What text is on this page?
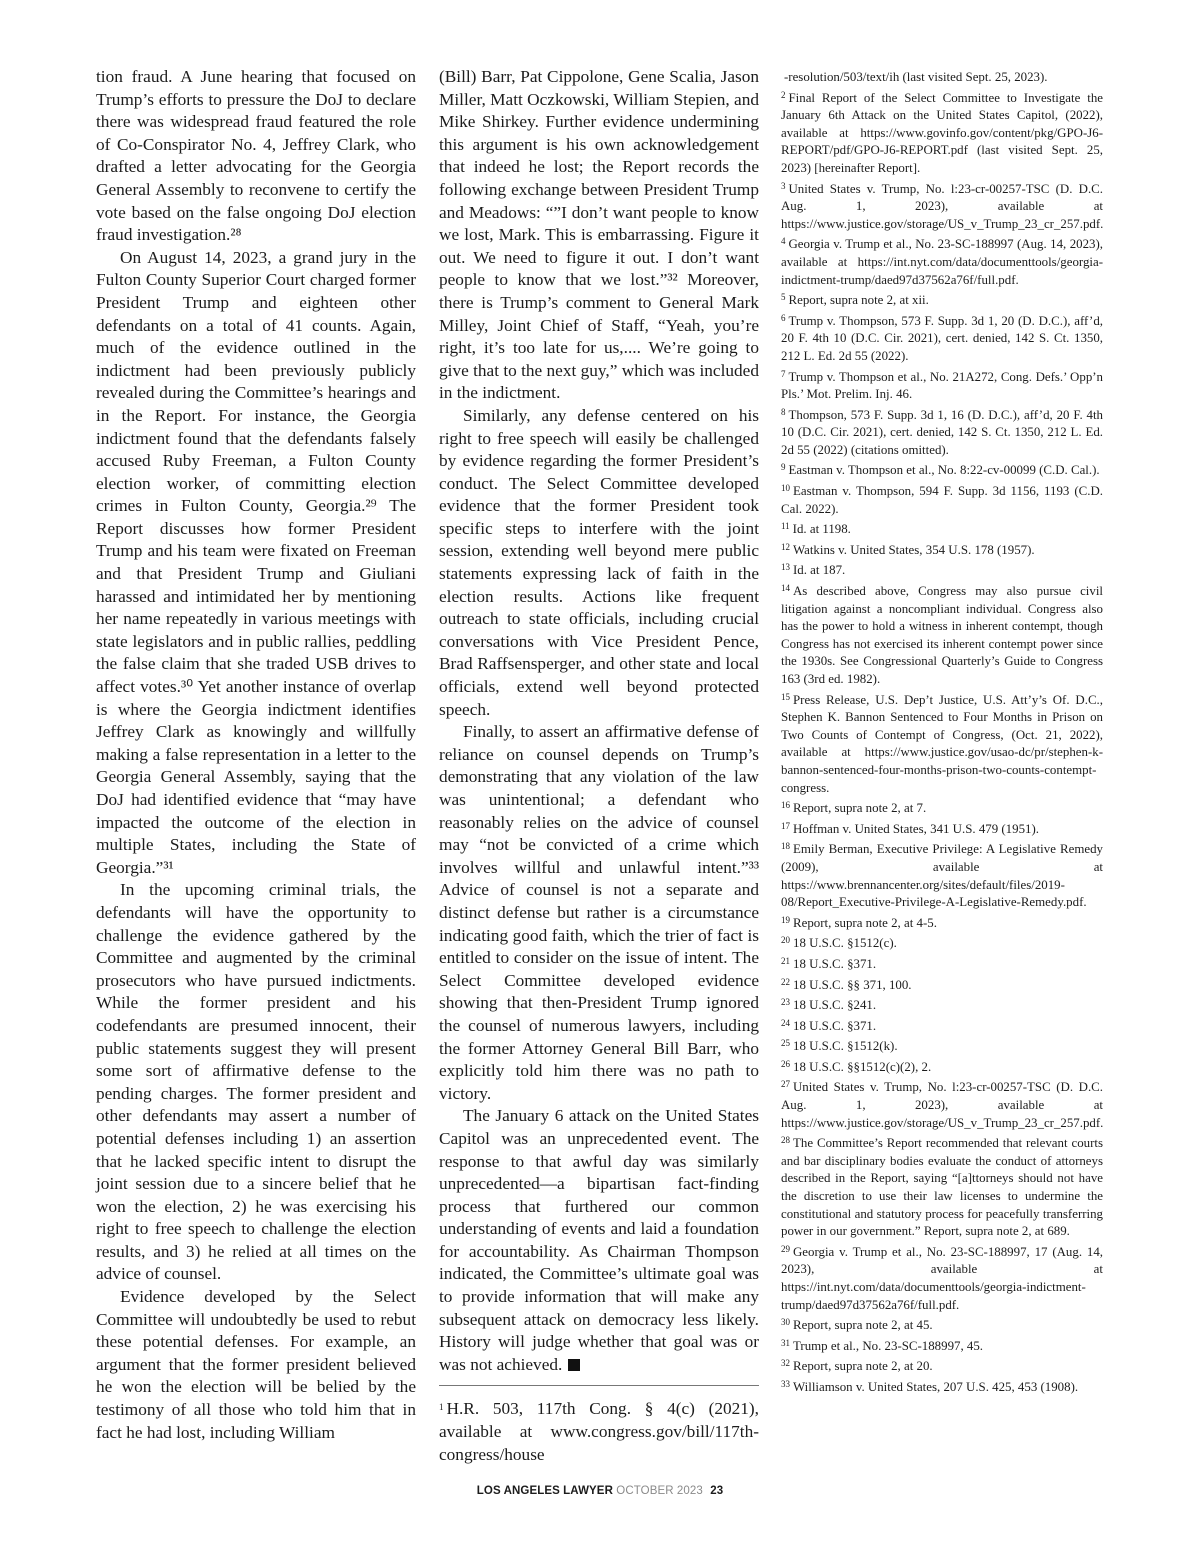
tion fraud. A June hearing that focused on Trump’s efforts to pressure the DoJ to declare there was widespread fraud featured the role of Co-Conspirator No. 4, Jeffrey Clark, who drafted a letter advocating for the Georgia General Assembly to reconvene to certify the vote based on the false ongoing DoJ election fraud investigation.²⁸

On August 14, 2023, a grand jury in the Fulton County Superior Court charged former President Trump and eighteen other defendants on a total of 41 counts. Again, much of the evidence outlined in the indictment had been previously publicly revealed during the Committee’s hearings and in the Report. For instance, the Georgia indictment found that the defendants falsely accused Ruby Freeman, a Fulton County election worker, of committing election crimes in Fulton County, Georgia.²⁹ The Report discusses how former President Trump and his team were fixated on Freeman and that President Trump and Giuliani harassed and intimidated her by mentioning her name repeatedly in various meetings with state legislators and in public rallies, peddling the false claim that she traded USB drives to affect votes.³⁰ Yet another instance of overlap is where the Georgia indictment identifies Jeffrey Clark as knowingly and willfully making a false representation in a letter to the Georgia General Assembly, saying that the DoJ had identified evidence that “may have impacted the outcome of the election in multiple States, including the State of Georgia.”³¹

In the upcoming criminal trials, the defendants will have the opportunity to challenge the evidence gathered by the Committee and augmented by the criminal prosecutors who have pursued indictments. While the former president and his codefendants are presumed innocent, their public statements suggest they will present some sort of affirmative defense to the pending charges. The former president and other defendants may assert a number of potential defenses including 1) an assertion that he lacked specific intent to disrupt the joint session due to a sincere belief that he won the election, 2) he was exercising his right to free speech to challenge the election results, and 3) he relied at all times on the advice of counsel.

Evidence developed by the Select Committee will undoubtedly be used to rebut these potential defenses. For example, an argument that the former president believed he won the election will be belied by the testimony of all those who told him that in fact he had lost, including William

(Bill) Barr, Pat Cippolone, Gene Scalia, Jason Miller, Matt Oczkowski, William Stepien, and Mike Shirkey. Further evidence undermining this argument is his own acknowledgement that indeed he lost; the Report records the following exchange between President Trump and Meadows: “”I don’t want people to know we lost, Mark. This is embarrassing. Figure it out. We need to figure it out. I don’t want people to know that we lost.”³² Moreover, there is Trump’s comment to General Mark Milley, Joint Chief of Staff, “Yeah, you’re right, it’s too late for us,.... We’re going to give that to the next guy,” which was included in the indictment.

Similarly, any defense centered on his right to free speech will easily be challenged by evidence regarding the former President’s conduct. The Select Committee developed evidence that the former President took specific steps to interfere with the joint session, extending well beyond mere public statements expressing lack of faith in the election results. Actions like frequent outreach to state officials, including crucial conversations with Vice President Pence, Brad Raffsensperger, and other state and local officials, extend well beyond protected speech.

Finally, to assert an affirmative defense of reliance on counsel depends on Trump’s demonstrating that any violation of the law was unintentional; a defendant who reasonably relies on the advice of counsel may “not be convicted of a crime which involves willful and unlawful intent.”³³ Advice of counsel is not a separate and distinct defense but rather is a circumstance indicating good faith, which the trier of fact is entitled to consider on the issue of intent. The Select Committee developed evidence showing that then-President Trump ignored the counsel of numerous lawyers, including the former Attorney General Bill Barr, who explicitly told him there was no path to victory.

The January 6 attack on the United States Capitol was an unprecedented event. The response to that awful day was similarly unprecedented—a bipartisan fact-finding process that furthered our common understanding of events and laid a foundation for accountability. As Chairman Thompson indicated, the Committee’s ultimate goal was to provide information that will make any subsequent attack on democracy less likely. History will judge whether that goal was or was not achieved.

$^1$ H.R. 503, 117th Cong. § 4(c) (2021), available at www.congress.gov/bill/117th-congress/house

-resolution/503/text/ih (last visited Sept. 25, 2023).

$^2$ Final Report of the Select Committee to Investigate the January 6th Attack on the United States Capitol, (2022), available at https://www.govinfo.gov/content/pkg/GPO-J6-REPORT/pdf/GPO-J6-REPORT.pdf (last visited Sept. 25, 2023) [hereinafter Report].

$^3$ United States v. Trump, No. l:23-cr-00257-TSC (D. D.C. Aug. 1, 2023), available at https://www.justice.gov/storage/US_v_Trump_23_cr_257.pdf.

$^4$ Georgia v. Trump et al., No. 23-SC-188997 (Aug. 14, 2023), available at https://int.nyt.com/data/documenttools/georgia-indictment-trump/daed97d37562a76f/full.pdf.

$^5$ Report, supra note 2, at xii.

$^6$ Trump v. Thompson, 573 F. Supp. 3d 1, 20 (D. D.C.), aff’d, 20 F. 4th 10 (D.C. Cir. 2021), cert. denied, 142 S. Ct. 1350, 212 L. Ed. 2d 55 (2022).

$^7$ Trump v. Thompson et al., No. 21A272, Cong. Defs.’ Opp’n Pls.’ Mot. Prelim. Inj. 46.

$^8$ Thompson, 573 F. Supp. 3d 1, 16 (D. D.C.), aff’d, 20 F. 4th 10 (D.C. Cir. 2021), cert. denied, 142 S. Ct. 1350, 212 L. Ed. 2d 55 (2022) (citations omitted).

$^9$ Eastman v. Thompson et al., No. 8:22-cv-00099 (C.D. Cal.).

$^{10}$ Eastman v. Thompson, 594 F. Supp. 3d 1156, 1193 (C.D. Cal. 2022).

$^{11}$ Id. at 1198.

$^{12}$ Watkins v. United States, 354 U.S. 178 (1957).

$^{13}$ Id. at 187.

$^{14}$ As described above, Congress may also pursue civil litigation against a noncompliant individual. Congress also has the power to hold a witness in inherent contempt, though Congress has not exercised its inherent contempt power since the 1930s. See Congressional Quarterly’s Guide to Congress 163 (3rd ed. 1982).

$^{15}$ Press Release, U.S. Dep’t Justice, U.S. Att’y’s Of. D.C., Stephen K. Bannon Sentenced to Four Months in Prison on Two Counts of Contempt of Congress, (Oct. 21, 2022), available at https://www.justice.gov/usao-dc/pr/stephen-k-bannon-sentenced-four-months-prison-two-counts-contempt-congress.

$^{16}$ Report, supra note 2, at 7.

$^{17}$ Hoffman v. United States, 341 U.S. 479 (1951).

$^{18}$ Emily Berman, Executive Privilege: A Legislative Remedy (2009), available at https://www.brennancenter.org/sites/default/files/2019-08/Report_Executive-Privilege-A-Legislative-Remedy.pdf.

$^{19}$ Report, supra note 2, at 4-5.

$^{20}$ 18 U.S.C. §1512(c).

$^{21}$ 18 U.S.C. §371.

$^{22}$ 18 U.S.C. §§ 371, 100.

$^{23}$ 18 U.S.C. §241.

$^{24}$ 18 U.S.C. §371.

$^{25}$ 18 U.S.C. §1512(k).

$^{26}$ 18 U.S.C. §§1512(c)(2), 2.

$^{27}$ United States v. Trump, No. l:23-cr-00257-TSC (D. D.C. Aug. 1, 2023), available at https://www.justice.gov/storage/US_v_Trump_23_cr_257.pdf.

$^{28}$ The Committee’s Report recommended that relevant courts and bar disciplinary bodies evaluate the conduct of attorneys described in the Report, saying “[a]ttorneys should not have the discretion to use their law licenses to undermine the constitutional and statutory process for peacefully transferring power in our government.” Report, supra note 2, at 689.

$^{29}$ Georgia v. Trump et al., No. 23-SC-188997, 17 (Aug. 14, 2023), available at https://int.nyt.com/data/documenttools/georgia-indictment-trump/daed97d37562a76f/full.pdf.

$^{30}$ Report, supra note 2, at 45.

$^{31}$ Trump et al., No. 23-SC-188997, 45.

$^{32}$ Report, supra note 2, at 20.

$^{33}$ Williamson v. United States, 207 U.S. 425, 453 (1908).

LOS ANGELES LAWYER OCTOBER 2023 23
